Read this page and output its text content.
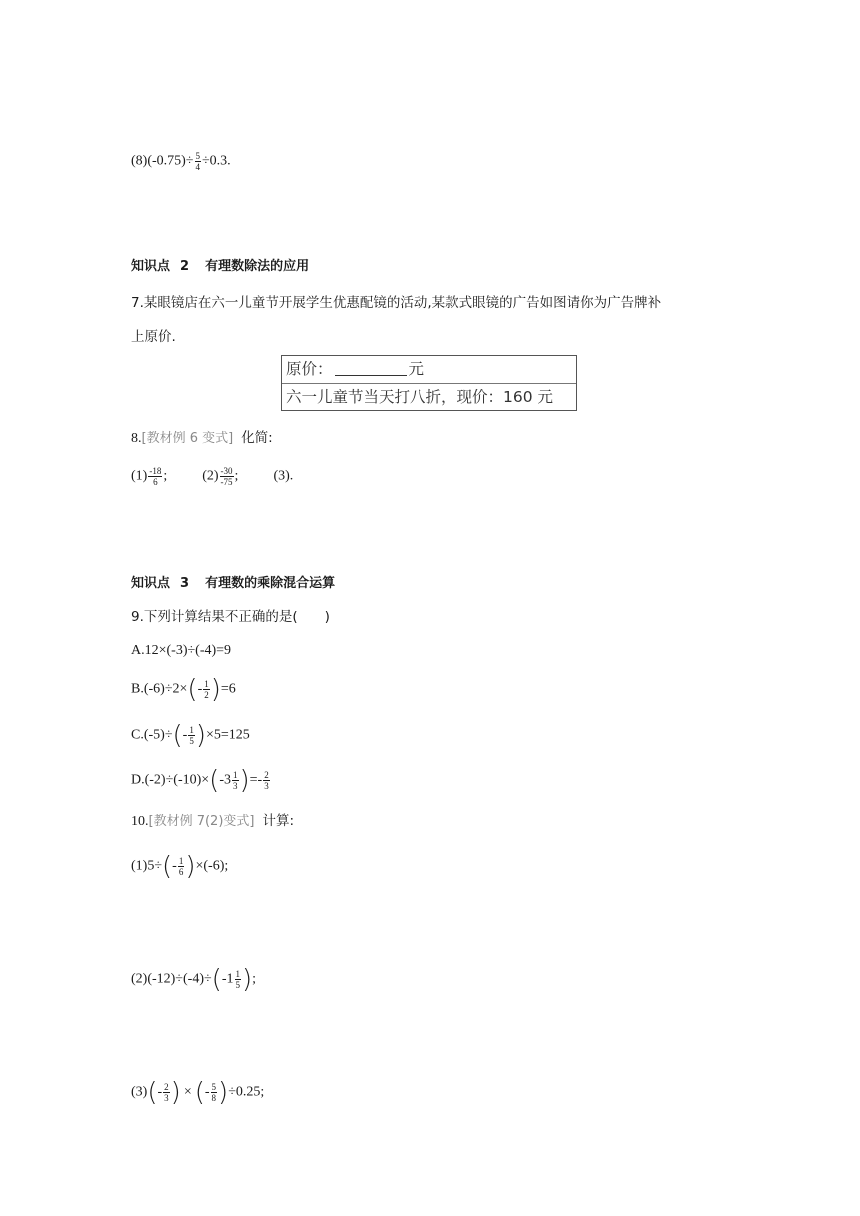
$(8)(-0.75)\div \frac{5}{4} \div 0.3$.
知识点 2 有理数除法的应用
7.某眼镜店在六一儿童节开展学生优惠配镜的活动,某款式眼镜的广告如图请你为广告牌补
上原价.
原价：	元
六一儿童节当天打八折，现价：160 元
8.[教材例 6 变式] 化简:
$(1) \frac{-18}{6}$ ;	$(2) \frac{-30}{-75}$ ;	(3).
知识点 3 有理数的乘除混合运算
9.下列计算结果不正确的是(　　)
A.12×(-3)÷(-4)=9
$B.(-6)\div 2\times(- \frac{1}{2} )=6$
$C.(-5)\div(- \frac{1}{5} )\times 5=125$
$D.(-2)\div(-10)\times(-3 \frac{1}{3}$ )=- $\frac{2}{3}$
10.[教材例 7(2)变式] 计算:
$(1)5\div(- \frac{1}{6} )\times(-6)$;
$(2)(-12)\div(-4)\div(-1 \frac{1}{5}$ );
$(3)(- \frac{2}{3}$ ) × (- $\frac{5}{8} )\div 0.25$;
